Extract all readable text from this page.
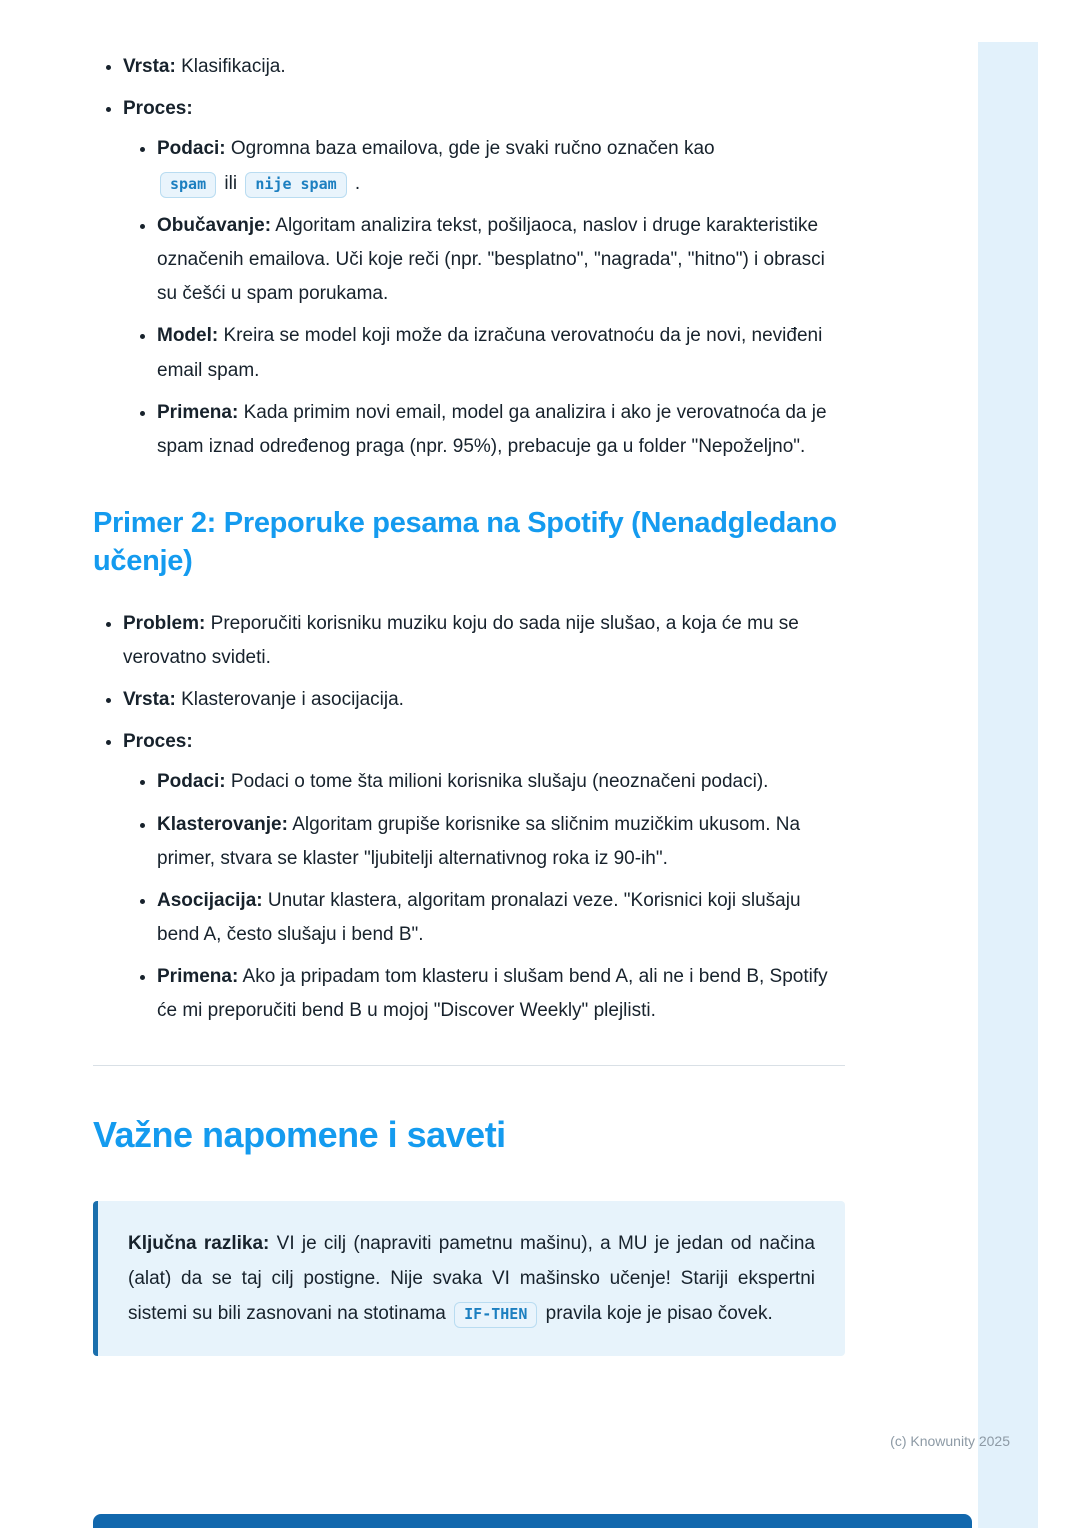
• Vrsta: Klasifikacija.
• Proces:
• Podaci: Ogromna baza emailova, gde je svaki ručno označen kao
spam ili nije spam .
• Obučavanje: Algoritam analizira tekst, pošiljaoca, naslov i druge karakteristike označenih emailova. Uči koje reči (npr. "besplatno", "nagrada", "hitno") i obrasci su češći u spam porukama.
• Model: Kreira se model koji može da izračuna verovatnoću da je novi, neviđeni email spam.
• Primena: Kada primim novi email, model ga analizira i ako je verovatnoća da je spam iznad određenog praga (npr. 95%), prebacuje ga u folder "Nepoželjno".
Primer 2: Preporuke pesama na Spotify (Nenadgledano učenje)
• Problem: Preporučiti korisniku muziku koju do sada nije slušao, a koja će mu se verovatno svideti.
• Vrsta: Klasterovanje i asocijacija.
• Proces:
• Podaci: Podaci o tome šta milioni korisnika slušaju (neoznačeni podaci).
• Klasterovanje: Algoritam grupiše korisnike sa sličnim muzičkim ukusom. Na primer, stvara se klaster "ljubitelji alternativnog roka iz 90-ih".
• Asocijacija: Unutar klastera, algoritam pronalazi veze. "Korisnici koji slušaju bend A, često slušaju i bend B".
• Primena: Ako ja pripadam tom klasteru i slušam bend A, ali ne i bend B, Spotify će mi preporučiti bend B u mojoj "Discover Weekly" plejlisti.
Važne napomene i saveti
Ključna razlika: VI je cilj (napraviti pametnu mašinu), a MU je jedan od načina (alat) da se taj cilj postigne. Nije svaka VI mašinsko učenje! Stariji ekspertni sistemi su bili zasnovani na stotinama IF-THEN pravila koje je pisao čovek.
(c) Knowunity 2025
